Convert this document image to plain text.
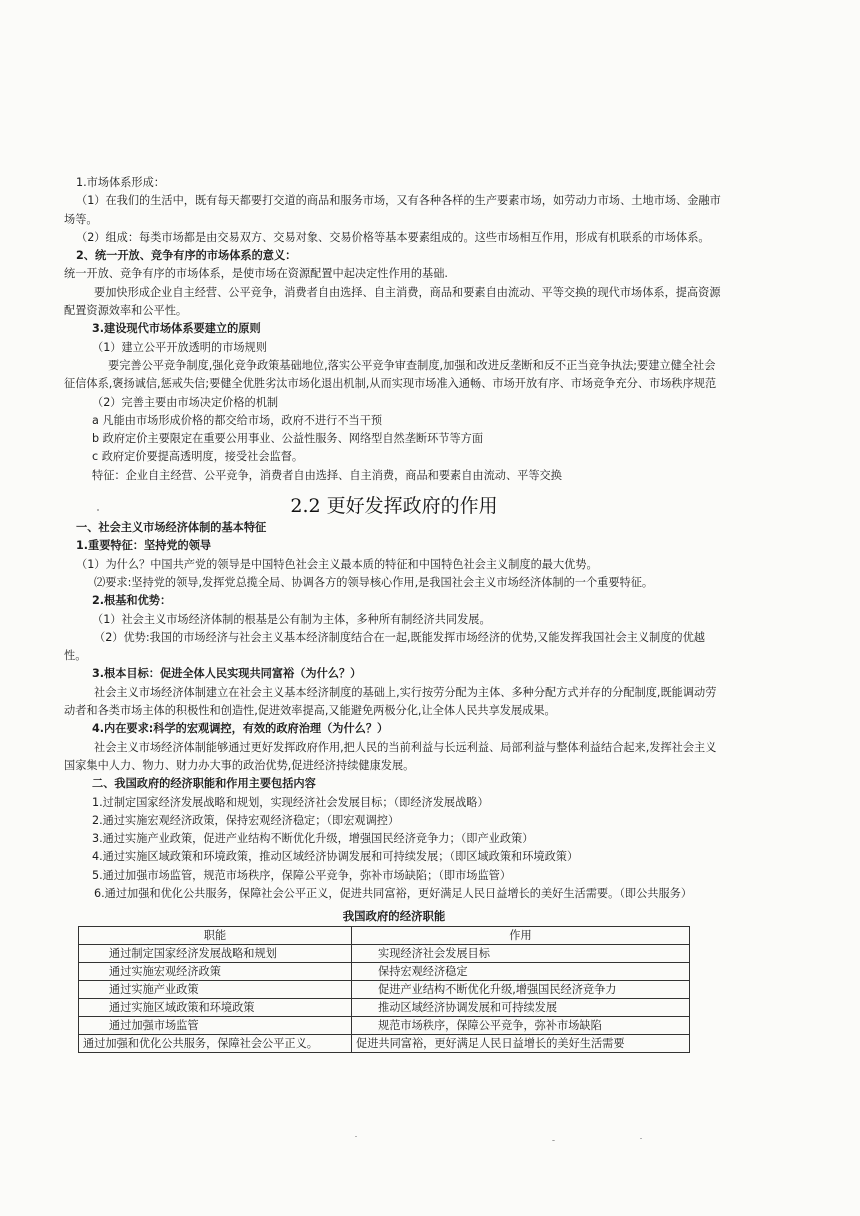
1.市场体系形成：

（1）在我们的生活中，既有每天都要打交道的商品和服务市场，又有各种各样的生产要素市场，如劳动力市场、土地市场、金融市场等。

（2）组成：每类市场都是由交易双方、交易对象、交易价格等基本要素组成的。这些市场相互作用，形成有机联系的市场体系。

2、统一开放、竞争有序的市场体系的意义：

统一开放、竞争有序的市场体系，是使市场在资源配置中起决定性作用的基础.

要加快形成企业自主经营、公平竞争，消费者自由选择、自主消费，商品和要素自由流动、平等交换的现代市场体系，提高资源配置资源效率和公平性。

3.建设现代市场体系要建立的原则

（1）建立公平开放透明的市场规则

要完善公平竞争制度,强化竞争政策基础地位,落实公平竞争审查制度,加强和改进反垄断和反不正当竞争执法;要建立健全社会征信体系,褒扬诚信,惩戒失信;要健全优胜劣汰市场化退出机制,从而实现市场准入通畅、市场开放有序、市场竞争充分、市场秩序规范

（2）完善主要由市场决定价格的机制

a 凡能由市场形成价格的都交给市场，政府不进行不当干预

b 政府定价主要限定在重要公用事业、公益性服务、网络型自然垄断环节等方面

c 政府定价要提高透明度，接受社会监督。

特征：企业自主经营、公平竞争，消费者自由选择、自主消费，商品和要素自由流动、平等交换

2.2 更好发挥政府的作用

一、社会主义市场经济体制的基本特征

1.重要特征：坚持党的领导

（1）为什么？中国共产党的领导是中国特色社会主义最本质的特征和中国特色社会主义制度的最大优势。

⑵要求:坚持党的领导,发挥党总揽全局、协调各方的领导核心作用,是我国社会主义市场经济体制的一个重要特征。

2.根基和优势：

（1）社会主义市场经济体制的根基是公有制为主体，多种所有制经济共同发展。

（2）优势:我国的市场经济与社会主义基本经济制度结合在一起,既能发挥市场经济的优势,又能发挥我国社会主义制度的优越性。

3.根本目标：促进全体人民实现共同富裕（为什么？）

社会主义市场经济体制建立在社会主义基本经济制度的基础上,实行按劳分配为主体、多种分配方式并存的分配制度,既能调动劳动者和各类市场主体的积极性和创造性,促进效率提高,又能避免两极分化,让全体人民共享发展成果。

4.内在要求:科学的宏观调控，有效的政府治理（为什么？）

社会主义市场经济体制能够通过更好发挥政府作用,把人民的当前利益与长远利益、局部利益与整体利益结合起来,发挥社会主义国家集中人力、物力、财力办大事的政治优势,促进经济持续健康发展。

二、我国政府的经济职能和作用主要包括内容

1.过制定国家经济发展战略和规划，实现经济社会发展目标；（即经济发展战略）

2.通过实施宏观经济政策，保持宏观经济稳定；（即宏观调控）

3.通过实施产业政策，促进产业结构不断优化升级，增强国民经济竞争力；（即产业政策）

4.通过实施区域政策和环境政策，推动区域经济协调发展和可持续发展；（即区域政策和环境政策）

5.通过加强市场监管，规范市场秩序，保障公平竞争，弥补市场缺陷；（即市场监管）

6.通过加强和优化公共服务，保障社会公平正义，促进共同富裕，更好满足人民日益增长的美好生活需要。（即公共服务）

我国政府的经济职能

职能	作用
通过制定国家经济发展战略和规划	实现经济社会发展目标
通过实施宏观经济政策	保持宏观经济稳定
通过实施产业政策	促进产业结构不断优化升级,增强国民经济竞争力
通过实施区域政策和环境政策	推动区域经济协调发展和可持续发展
通过加强市场监管	规范市场秩序，保障公平竞争，弥补市场缺陷
通过加强和优化公共服务，保障社会公平正义。	促进共同富裕，更好满足人民日益增长的美好生活需要
